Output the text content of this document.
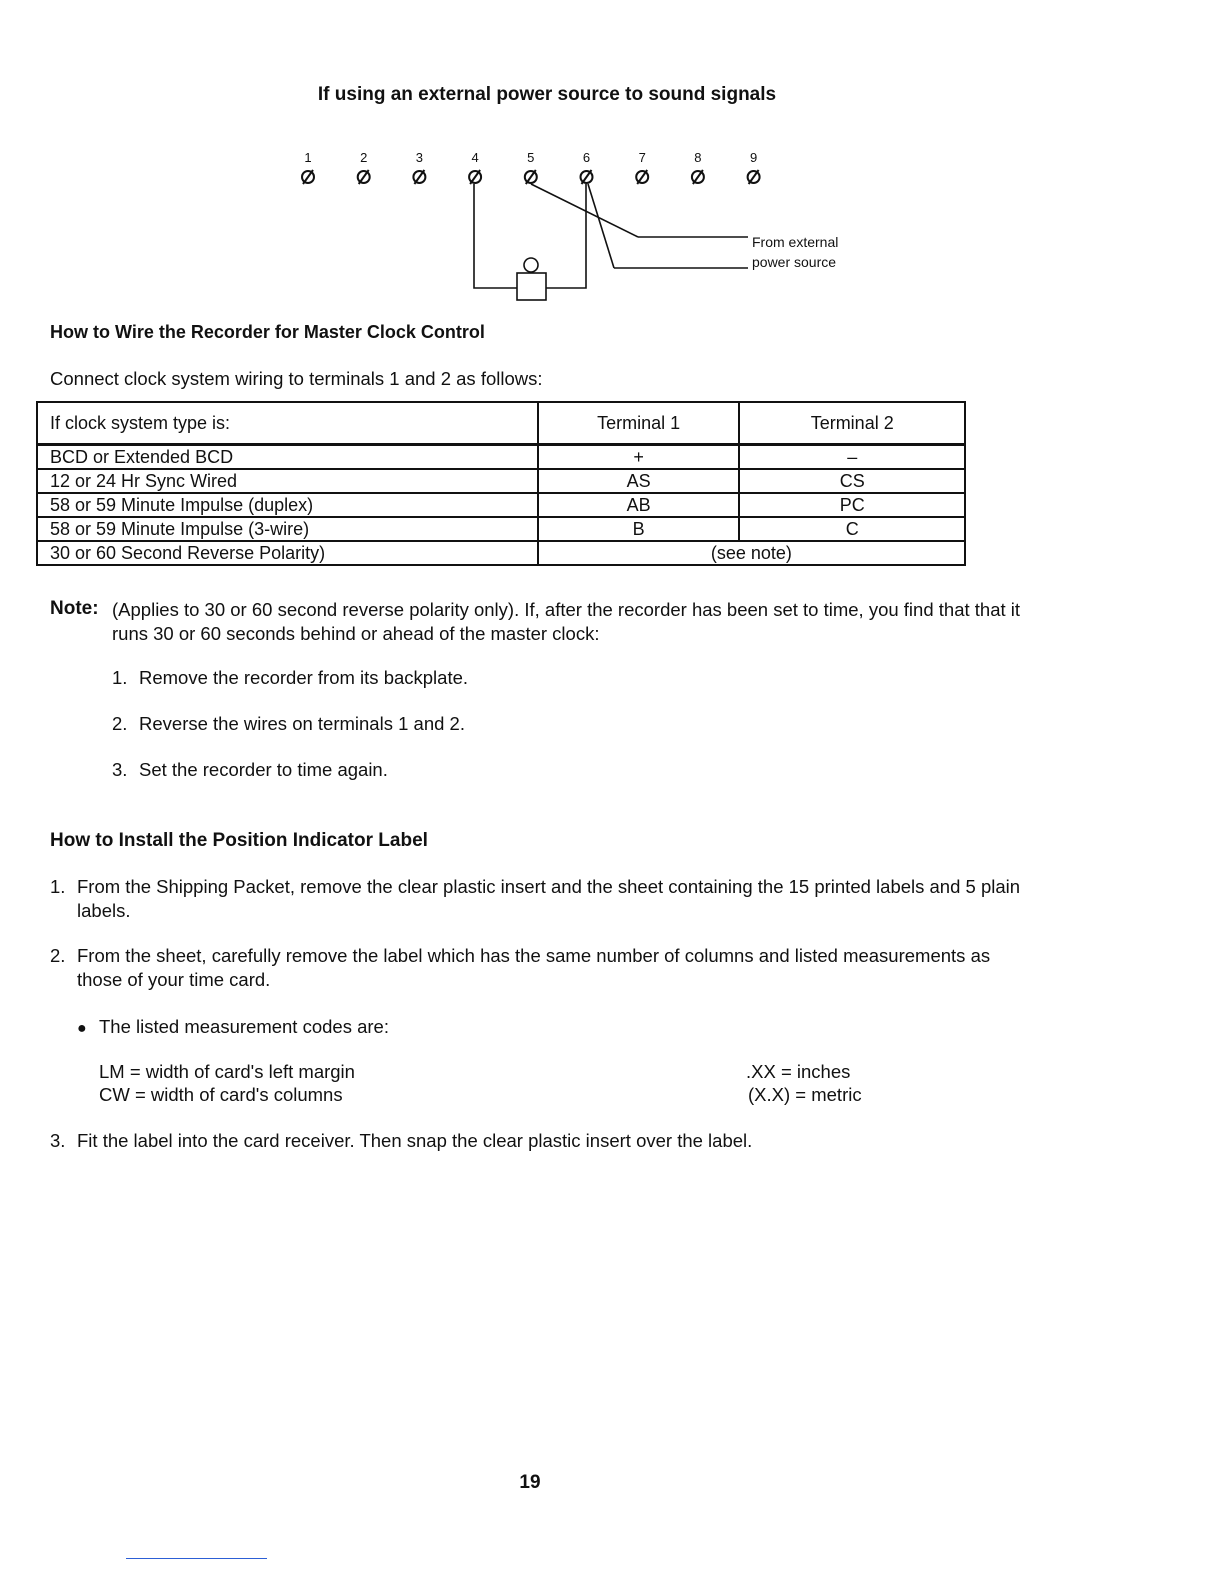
If using an external power source to sound signals
1	2	3	4	5	6	7	8	9
From external
power source
How to Wire the Recorder for Master Clock Control
Connect clock system wiring to terminals 1 and 2 as follows:
If clock system type is:	Terminal 1	Terminal 2
BCD or Extended BCD	+	–
12 or 24 Hr Sync Wired	AS	CS
58 or 59 Minute Impulse (duplex)	AB	PC
58 or 59 Minute Impulse (3-wire)	B	C
30 or 60 Second Reverse Polarity)	(see note)	
Note: (Applies to 30 or 60 second reverse polarity only). If, after the recorder has been set to time, you find that that it runs 30 or 60 seconds behind or ahead of the master clock:
1. Remove the recorder from its backplate.
2. Reverse the wires on terminals 1 and 2.
3. Set the recorder to time again.
How to Install the Position Indicator Label
1. From the Shipping Packet, remove the clear plastic insert and the sheet containing the 15 printed labels and 5 plain labels.
2. From the sheet, carefully remove the label which has the same number of columns and listed measurements as those of your time card.
● The listed measurement codes are:
LM = width of card's left margin
CW = width of card's columns
.XX = inches
(X.X) = metric
3. Fit the label into the card receiver. Then snap the clear plastic insert over the label.
19
